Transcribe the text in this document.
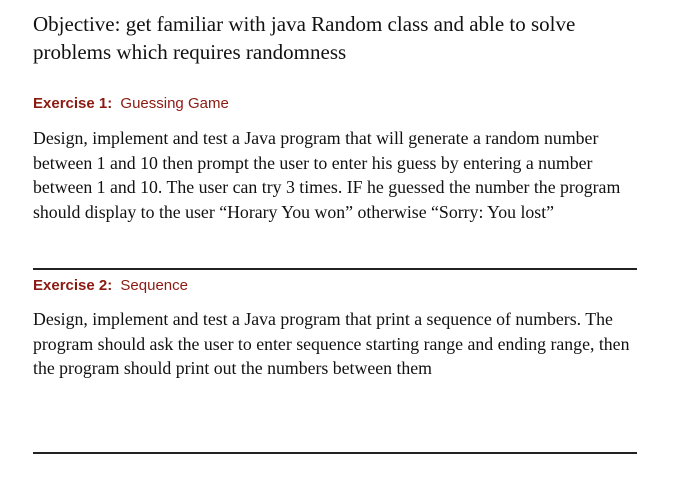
Objective: get familiar with java Random class and able to solve problems which requires randomness
Exercise 1: Guessing Game
Design, implement and test a Java program that will generate a random number between 1 and 10 then prompt the user to enter his guess by entering a number between 1 and 10. The user can try 3 times. IF he guessed the number the program should display to the user “Horary You won” otherwise “Sorry: You lost”
Exercise 2: Sequence
Design, implement and test a Java program that print a sequence of numbers. The program should ask the user to enter sequence starting range and ending range, then the program should print out the numbers between them
